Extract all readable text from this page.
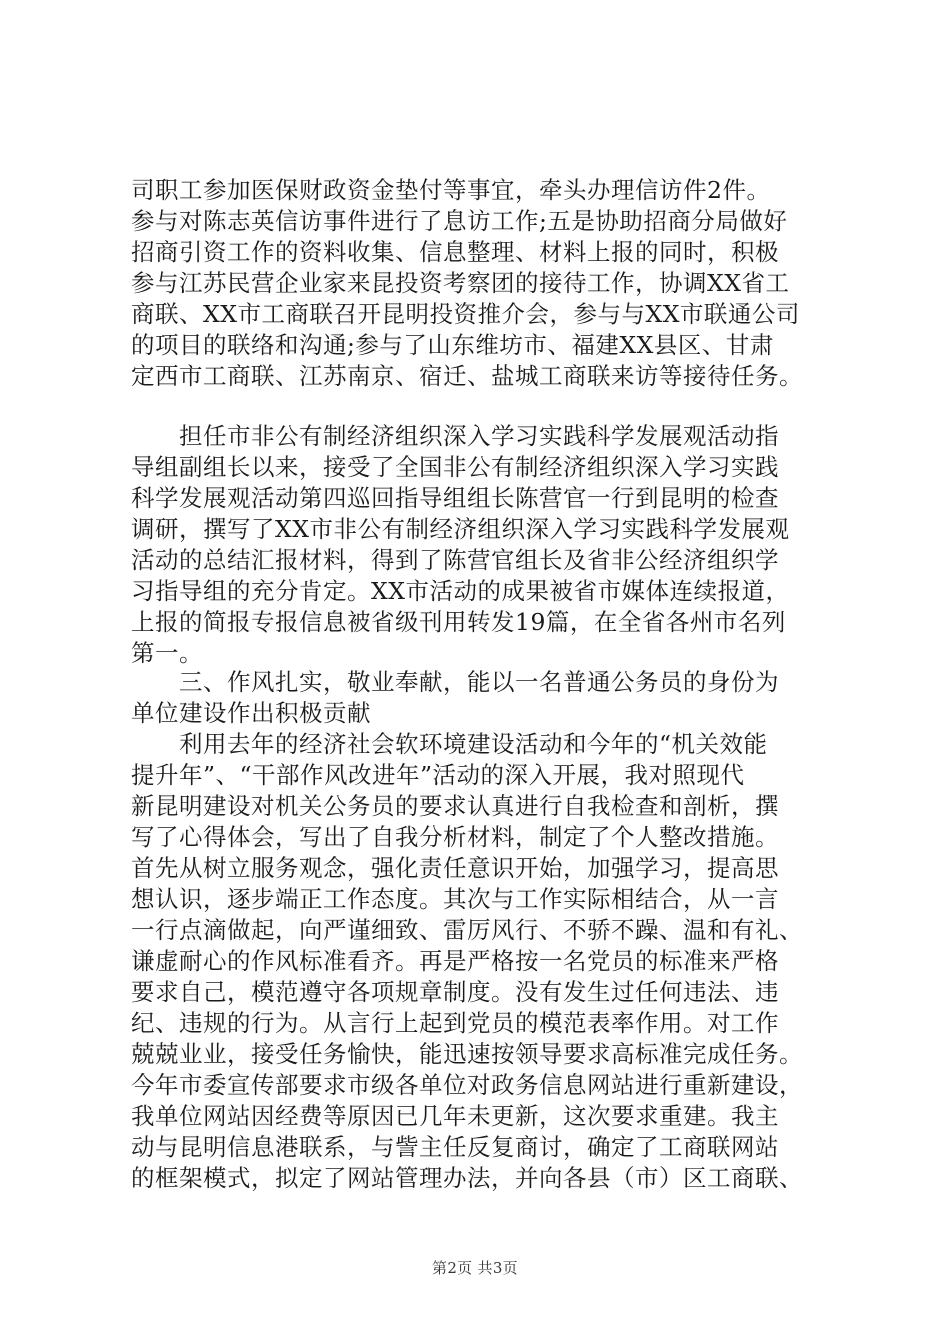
司职工参加医保财政资金垫付等事宜，牵头办理信访件2件。
参与对陈志英信访事件进行了息访工作;五是协助招商分局做好
招商引资工作的资料收集、信息整理、材料上报的同时，积极
参与江苏民营企业家来昆投资考察团的接待工作，协调XX省工
商联、XX市工商联召开昆明投资推介会，参与与XX市联通公司
的项目的联络和沟通;参与了山东维坊市、福建XX县区、甘肃
定西市工商联、江苏南京、宿迁、盐城工商联来访等接待任务。
　　担任市非公有制经济组织深入学习实践科学发展观活动指
导组副组长以来，接受了全国非公有制经济组织深入学习实践
科学发展观活动第四巡回指导组组长陈营官一行到昆明的检查
调研，撰写了XX市非公有制经济组织深入学习实践科学发展观
活动的总结汇报材料，得到了陈营官组长及省非公经济组织学
习指导组的充分肯定。XX市活动的成果被省市媒体连续报道，
上报的简报专报信息被省级刊用转发19篇，在全省各州市名列
第一。
　　三、作风扎实，敬业奉献，能以一名普通公务员的身份为
单位建设作出积极贡献
　　利用去年的经济社会软环境建设活动和今年的“机关效能
提升年”、“干部作风改进年”活动的深入开展，我对照现代
新昆明建设对机关公务员的要求认真进行自我检查和剖析，撰
写了心得体会，写出了自我分析材料，制定了个人整改措施。
首先从树立服务观念，强化责任意识开始，加强学习，提高思
想认识，逐步端正工作态度。其次与工作实际相结合，从一言
一行点滴做起，向严谨细致、雷厉风行、不骄不躁、温和有礼、
谦虚耐心的作风标准看齐。再是严格按一名党员的标准来严格
要求自己，模范遵守各项规章制度。没有发生过任何违法、违
纪、违规的行为。从言行上起到党员的模范表率作用。对工作
兢兢业业，接受任务愉快，能迅速按领导要求高标准完成任务。
今年市委宣传部要求市级各单位对政务信息网站进行重新建设，
我单位网站因经费等原因已几年未更新，这次要求重建。我主
动与昆明信息港联系，与訾主任反复商讨，确定了工商联网站
的框架模式，拟定了网站管理办法，并向各县（市）区工商联、
第2页 共3页
